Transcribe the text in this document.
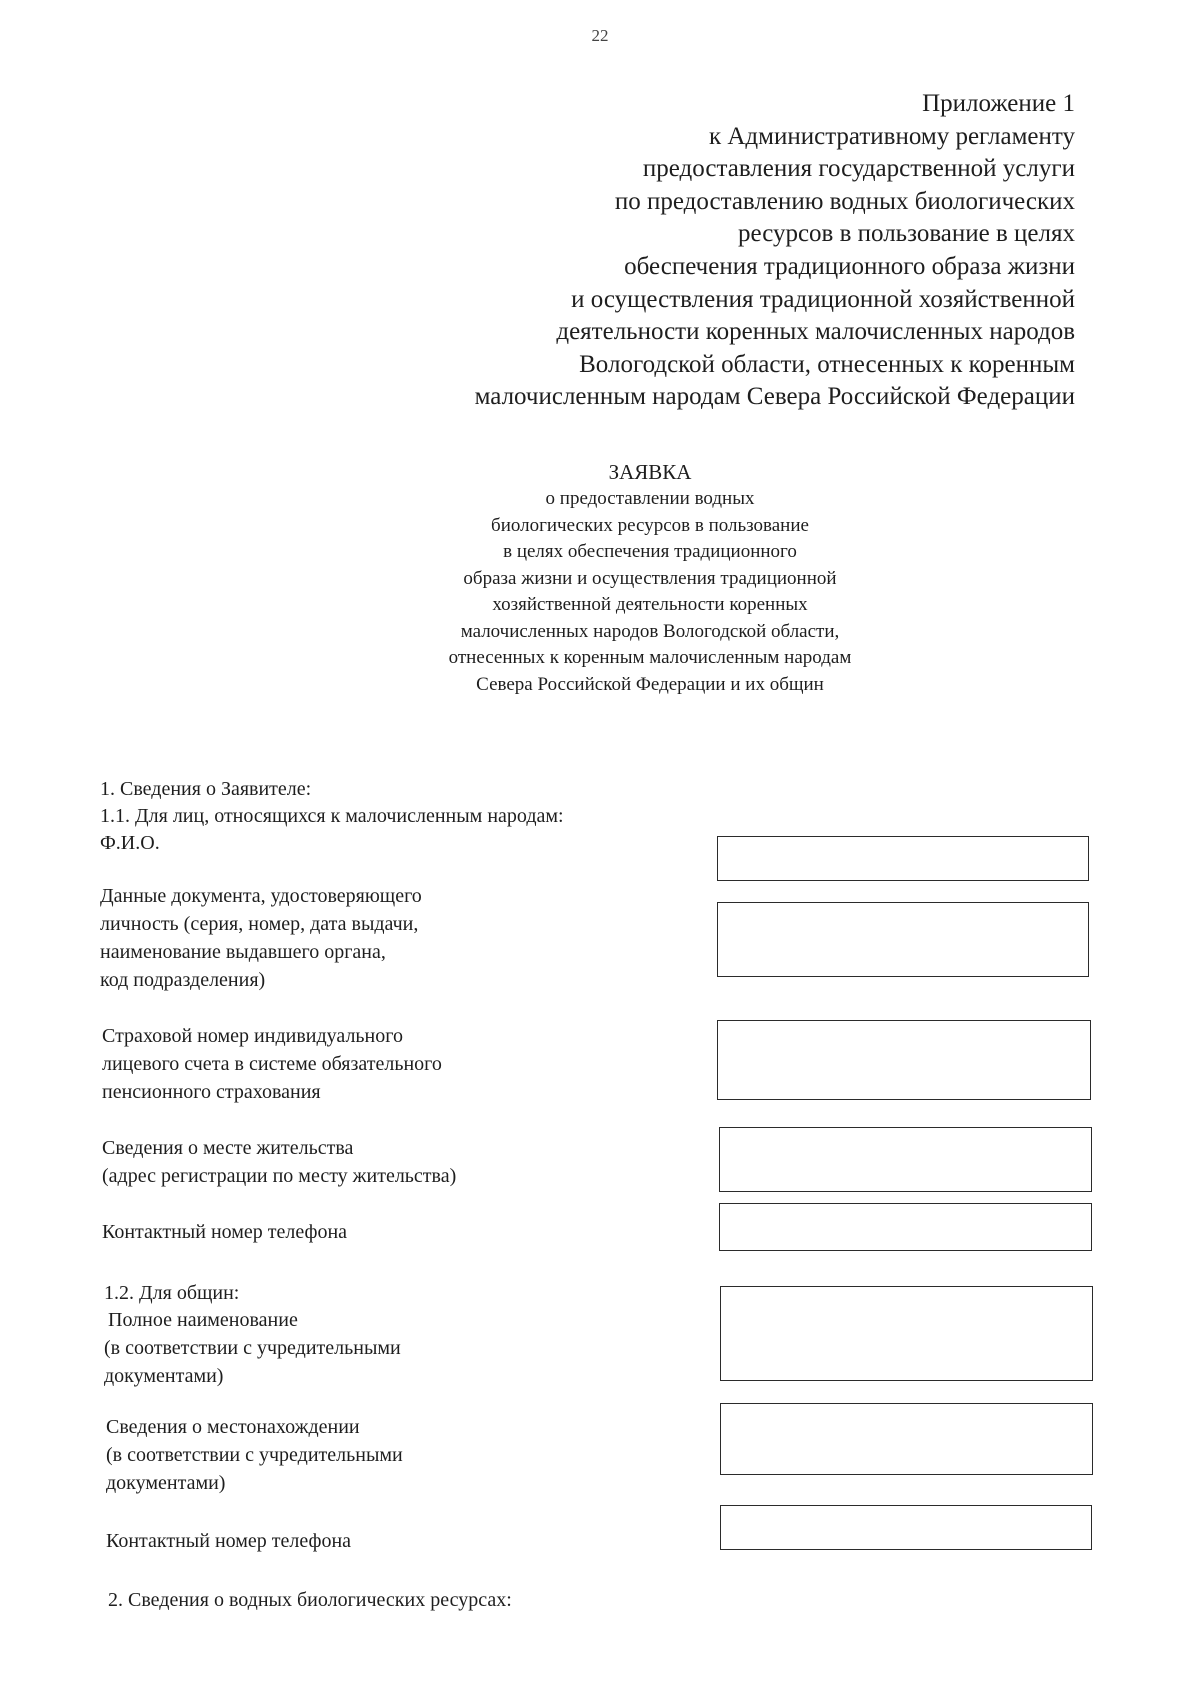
22
Приложение 1
к Административному регламенту
предоставления государственной услуги
по предоставлению водных биологических
ресурсов в пользование в целях
обеспечения традиционного образа жизни
и осуществления традиционной хозяйственной
деятельности коренных малочисленных народов
Вологодской области, отнесенных к коренным
малочисленным народам Севера Российской Федерации
ЗАЯВКА
о предоставлении водных
биологических ресурсов в пользование
в целях обеспечения традиционного
образа жизни и осуществления традиционной
хозяйственной деятельности коренных
малочисленных народов Вологодской области,
отнесенных к коренным малочисленным народам
Севера Российской Федерации и их общин
1. Сведения о Заявителе:
1.1. Для лиц, относящихся к малочисленным народам:
Ф.И.О.
Данные документа, удостоверяющего
личность (серия, номер, дата выдачи,
наименование выдавшего органа,
код подразделения)
Страховой номер индивидуального
лицевого счета в системе обязательного
пенсионного страхования
Сведения о месте жительства
(адрес регистрации по месту жительства)
Контактный номер телефона
1.2. Для общин:
Полное наименование
(в соответствии с учредительными
документами)
Сведения о местонахождении
(в соответствии с учредительными
документами)
Контактный номер телефона
2. Сведения о водных биологических ресурсах:
